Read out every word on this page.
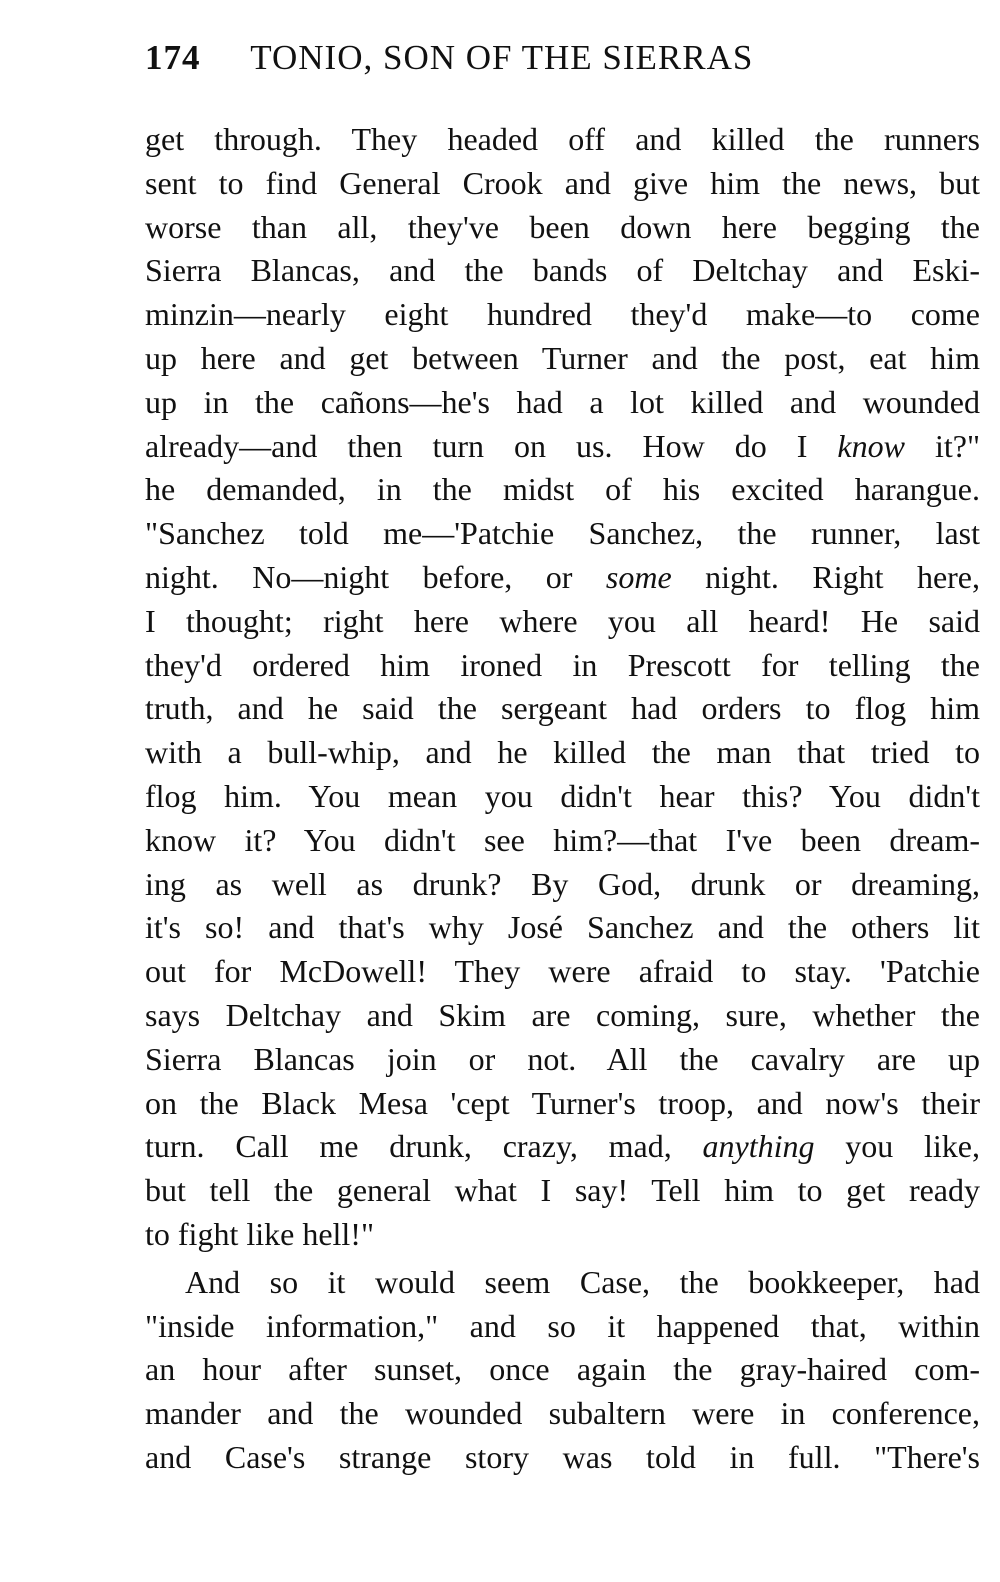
174 TONIO, SON OF THE SIERRAS
get through. They headed off and killed the runners
sent to find General Crook and give him the news, but
worse than all, they've been down here begging the
Sierra Blancas, and the bands of Deltchay and Eski-
minzin—nearly eight hundred they'd make—to come
up here and get between Turner and the post, eat him
up in the cañons—he's had a lot killed and wounded
already—and then turn on us. How do I know it?"
he demanded, in the midst of his excited harangue.
"Sanchez told me—'Patchie Sanchez, the runner, last
night. No—night before, or some night. Right here,
I thought; right here where you all heard! He said
they'd ordered him ironed in Prescott for telling the
truth, and he said the sergeant had orders to flog him
with a bull-whip, and he killed the man that tried to
flog him. You mean you didn't hear this? You didn't
know it? You didn't see him?—that I've been dream-
ing as well as drunk? By God, drunk or dreaming,
it's so! and that's why José Sanchez and the others lit
out for McDowell! They were afraid to stay. 'Patchie
says Deltchay and Skim are coming, sure, whether the
Sierra Blancas join or not. All the cavalry are up
on the Black Mesa 'cept Turner's troop, and now's their
turn. Call me drunk, crazy, mad, anything you like,
but tell the general what I say! Tell him to get ready
to fight like hell!"
And so it would seem Case, the bookkeeper, had
"inside information," and so it happened that, within
an hour after sunset, once again the gray-haired com-
mander and the wounded subaltern were in conference,
and Case's strange story was told in full. "There's
